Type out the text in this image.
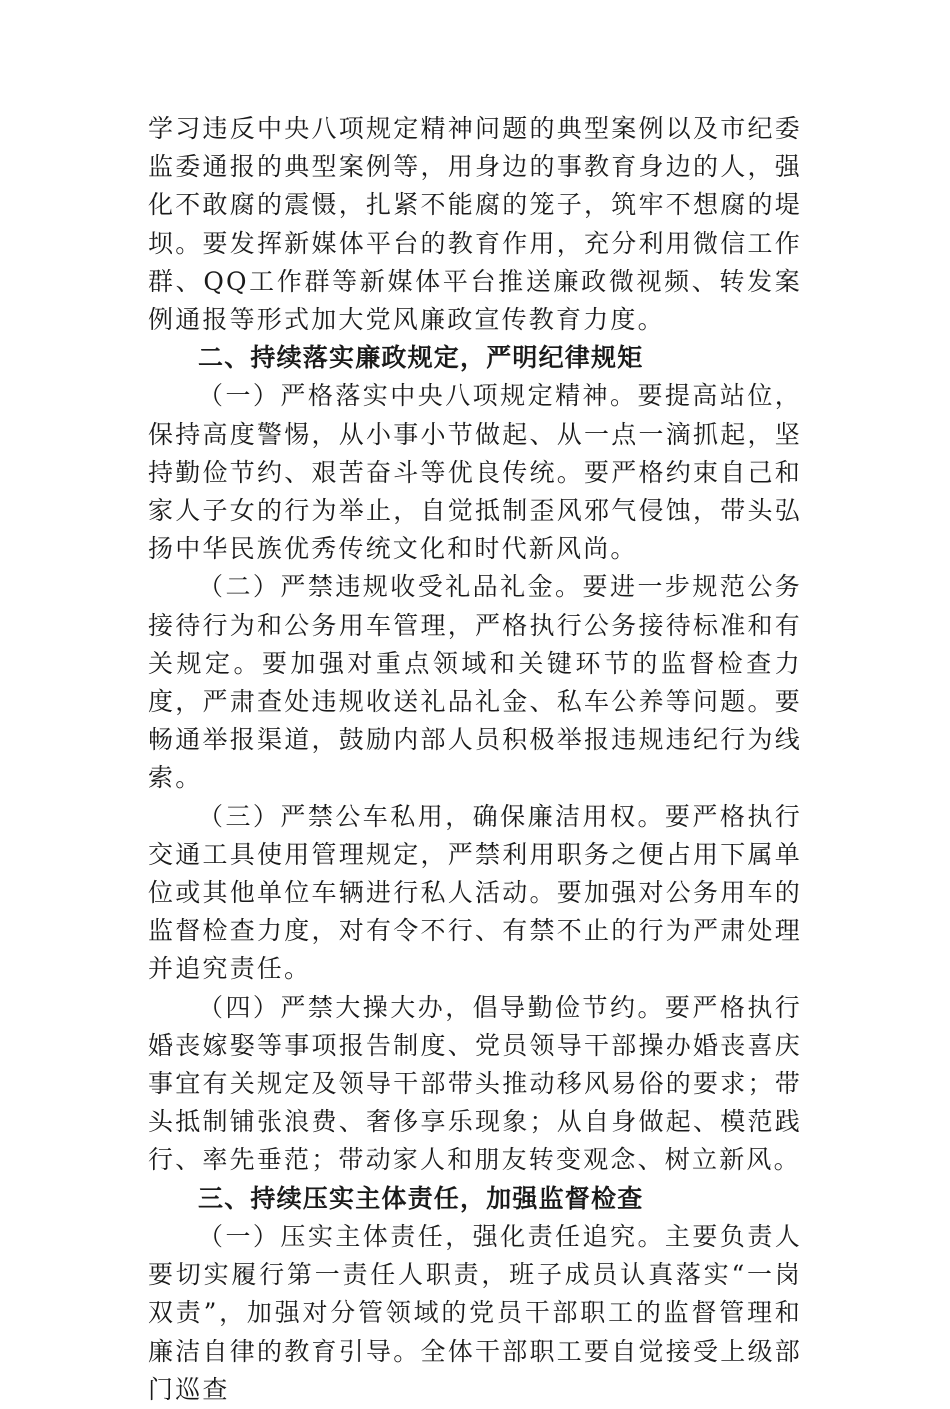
学习违反中央八项规定精神问题的典型案例以及市纪委监委通报的典型案例等，用身边的事教育身边的人，强化不敢腐的震慑，扎紧不能腐的笼子，筑牢不想腐的堤坝。要发挥新媒体平台的教育作用，充分利用微信工作群、QQ工作群等新媒体平台推送廉政微视频、转发案例通报等形式加大党风廉政宣传教育力度。

二、持续落实廉政规定，严明纪律规矩

（一）严格落实中央八项规定精神。要提高站位，保持高度警惕，从小事小节做起、从一点一滴抓起，坚持勤俭节约、艰苦奋斗等优良传统。要严格约束自己和家人子女的行为举止，自觉抵制歪风邪气侵蚀，带头弘扬中华民族优秀传统文化和时代新风尚。

（二）严禁违规收受礼品礼金。要进一步规范公务接待行为和公务用车管理，严格执行公务接待标准和有关规定。要加强对重点领域和关键环节的监督检查力度，严肃查处违规收送礼品礼金、私车公养等问题。要畅通举报渠道，鼓励内部人员积极举报违规违纪行为线索。

（三）严禁公车私用，确保廉洁用权。要严格执行交通工具使用管理规定，严禁利用职务之便占用下属单位或其他单位车辆进行私人活动。要加强对公务用车的监督检查力度，对有令不行、有禁不止的行为严肃处理并追究责任。

（四）严禁大操大办，倡导勤俭节约。要严格执行婚丧嫁娶等事项报告制度、党员领导干部操办婚丧喜庆事宜有关规定及领导干部带头推动移风易俗的要求；带头抵制铺张浪费、奢侈享乐现象；从自身做起、模范践行、率先垂范；带动家人和朋友转变观念、树立新风。

三、持续压实主体责任，加强监督检查

（一）压实主体责任，强化责任追究。主要负责人要切实履行第一责任人职责，班子成员认真落实“一岗双责”，加强对分管领域的党员干部职工的监督管理和廉洁自律的教育引导。全体干部职工要自觉接受上级部门巡查
